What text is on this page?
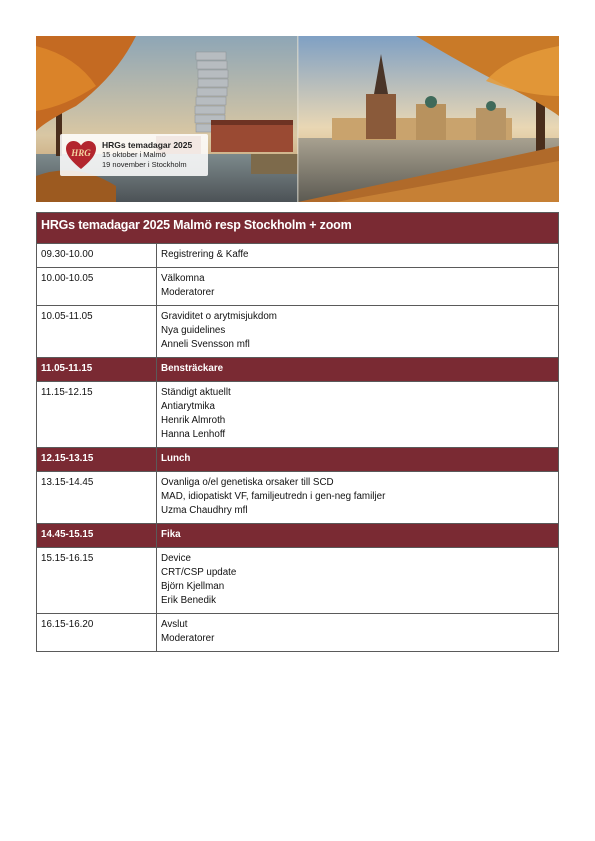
HRG
HRGs temadagar 2025
15 oktober i Malmö
19 november i Stockholm
HRGs temadagar 2025 Malmö resp Stockholm + zoom	
09.30-10.00	Registrering & Kaffe

10.00-10.05	Välkomna
Moderatorer

10.05-11.05	Graviditet o arytmisjukdom
Nya guidelines
Anneli Svensson mfl

11.05-11.15	Bensträckare

11.15-12.15	Ständigt aktuellt
Antiarytmika
Henrik Almroth
Hanna Lenhoff

12.15-13.15	Lunch

13.15-14.45	Ovanliga o/el genetiska orsaker till SCD
MAD, idiopatiskt VF, familjeutredn i gen-neg familjer
Uzma Chaudhry mfl

14.45-15.15	Fika

15.15-16.15	Device
CRT/CSP update
Björn Kjellman
Erik Benedik

16.15-16.20	Avslut
Moderatorer
